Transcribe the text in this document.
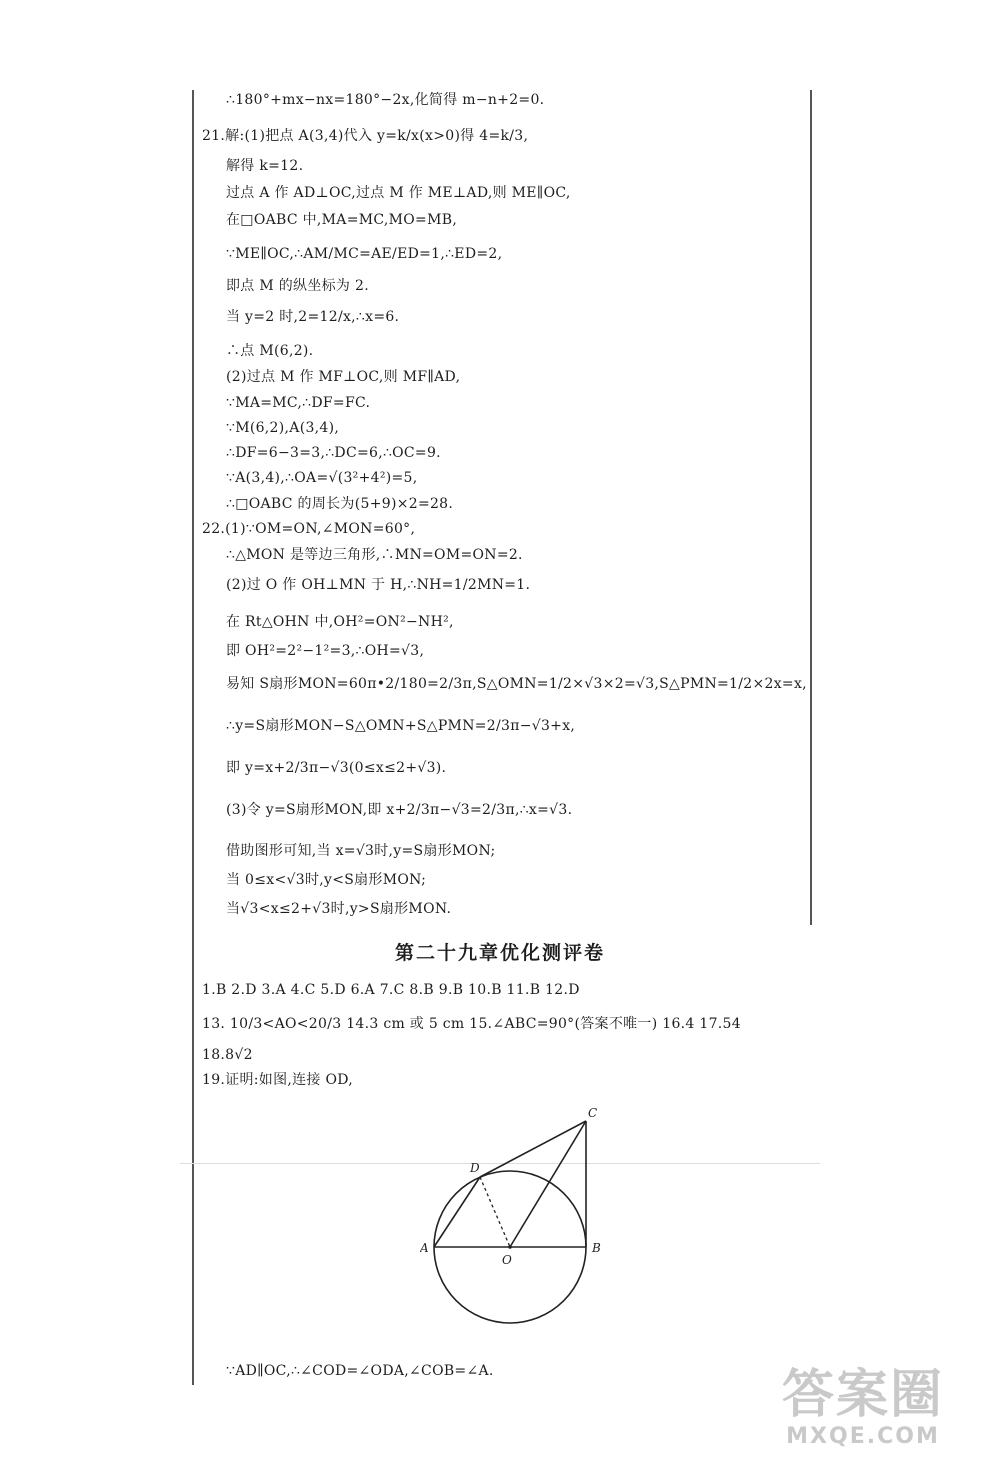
∴180°+mx−nx=180°−2x,化简得 m−n+2=0.
21.解:(1)把点 A(3,4)代入 y=k/x(x>0)得 4=k/3,
解得 k=12.
过点 A 作 AD⊥OC,过点 M 作 ME⊥AD,则 ME∥OC,
在□OABC 中,MA=MC,MO=MB,
∵ME∥OC,∴AM/MC=AE/ED=1,∴ED=2,
即点 M 的纵坐标为 2.
当 y=2 时,2=12/x,∴x=6.
∴点 M(6,2).
(2)过点 M 作 MF⊥OC,则 MF∥AD,
∵MA=MC,∴DF=FC.
∵M(6,2),A(3,4),
∴DF=6−3=3,∴DC=6,∴OC=9.
∵A(3,4),∴OA=√(3²+4²)=5,
∴□OABC 的周长为(5+9)×2=28.
22.(1)∵OM=ON,∠MON=60°,
∴△MON 是等边三角形,∴MN=OM=ON=2.
(2)过 O 作 OH⊥MN 于 H,∴NH=1/2MN=1.
在 Rt△OHN 中,OH²=ON²−NH²,
即 OH²=2²−1²=3,∴OH=√3,
易知 S扇形MON=60π•2/180=2/3π,S△OMN=1/2×√3×2=√3,S△PMN=1/2×2x=x,
∴y=S扇形MON−S△OMN+S△PMN=2/3π−√3+x,
即 y=x+2/3π−√3(0≤x≤2+√3).
(3)令 y=S扇形MON,即 x+2/3π−√3=2/3π,∴x=√3.
借助图形可知,当 x=√3时,y=S扇形MON;
当 0≤x<√3时,y<S扇形MON;
当√3<x≤2+√3时,y>S扇形MON.
第二十九章优化测评卷
1.B 2.D 3.A 4.C 5.D 6.A 7.C 8.B 9.B 10.B 11.B 12.D
13. 10/3<AO<20/3 14.3 cm 或 5 cm 15.∠ABC=90°(答案不唯一) 16.4 17.54
18.8√2
19.证明:如图,连接 OD,
A	B
C
D
O
∵AD∥OC,∴∠COD=∠ODA,∠COB=∠A.	答案圈
MXQE.COM
